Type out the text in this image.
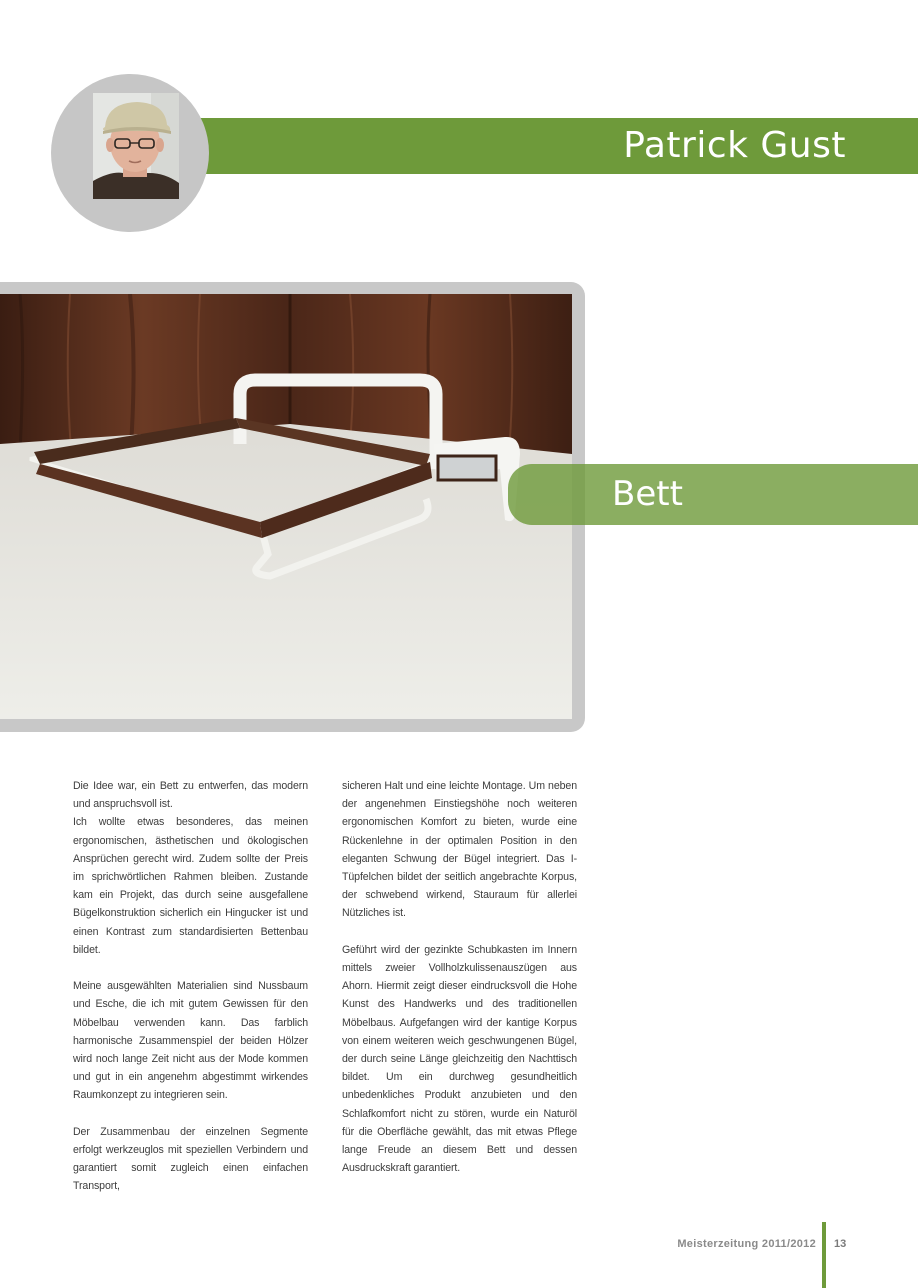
Patrick Gust
Bett

Die Idee war, ein Bett zu entwerfen, das modern und anspruchsvoll ist.

Ich wollte etwas besonderes, das meinen ergonomischen, ästhetischen und ökologischen Ansprüchen gerecht wird. Zudem sollte der Preis im sprichwörtlichen Rahmen bleiben. Zustande kam ein Projekt, das durch seine ausgefallene Bügelkonstruktion sicherlich ein Hingucker ist und einen Kontrast zum standardisierten Bettenbau bildet.

Meine ausgewählten Materialien sind Nussbaum und Esche, die ich mit gutem Gewissen für den Möbelbau verwenden kann. Das farblich harmonische Zusammenspiel der beiden Hölzer wird noch lange Zeit nicht aus der Mode kommen und gut in ein angenehm abgestimmt wirkendes Raumkonzept zu integrieren sein.

Der Zusammenbau der einzelnen Segmente erfolgt werkzeuglos mit speziellen Verbindern und garantiert somit zugleich einen einfachen Transport,

sicheren Halt und eine leichte Montage. Um neben der angenehmen Einstiegshöhe noch weiteren ergonomischen Komfort zu bieten, wurde eine Rückenlehne in der optimalen Position in den eleganten Schwung der Bügel integriert. Das I-Tüpfelchen bildet der seitlich angebrachte Korpus, der schwebend wirkend, Stauraum für allerlei Nützliches ist.

Geführt wird der gezinkte Schubkasten im Innern mittels zweier Vollholzkulissenauszügen aus Ahorn. Hiermit zeigt dieser eindrucksvoll die Hohe Kunst des Handwerks und des traditionellen Möbelbaus. Aufgefangen wird der kantige Korpus von einem weiteren weich geschwungenen Bügel, der durch seine Länge gleichzeitig den Nachttisch bildet. Um ein durchweg gesundheitlich unbedenkliches Produkt anzubieten und den Schlafkomfort nicht zu stören, wurde ein Naturöl für die Oberfläche gewählt, das mit etwas Pflege lange Freude an diesem Bett und dessen Ausdruckskraft garantiert.

Meisterzeitung 2011/2012 13
